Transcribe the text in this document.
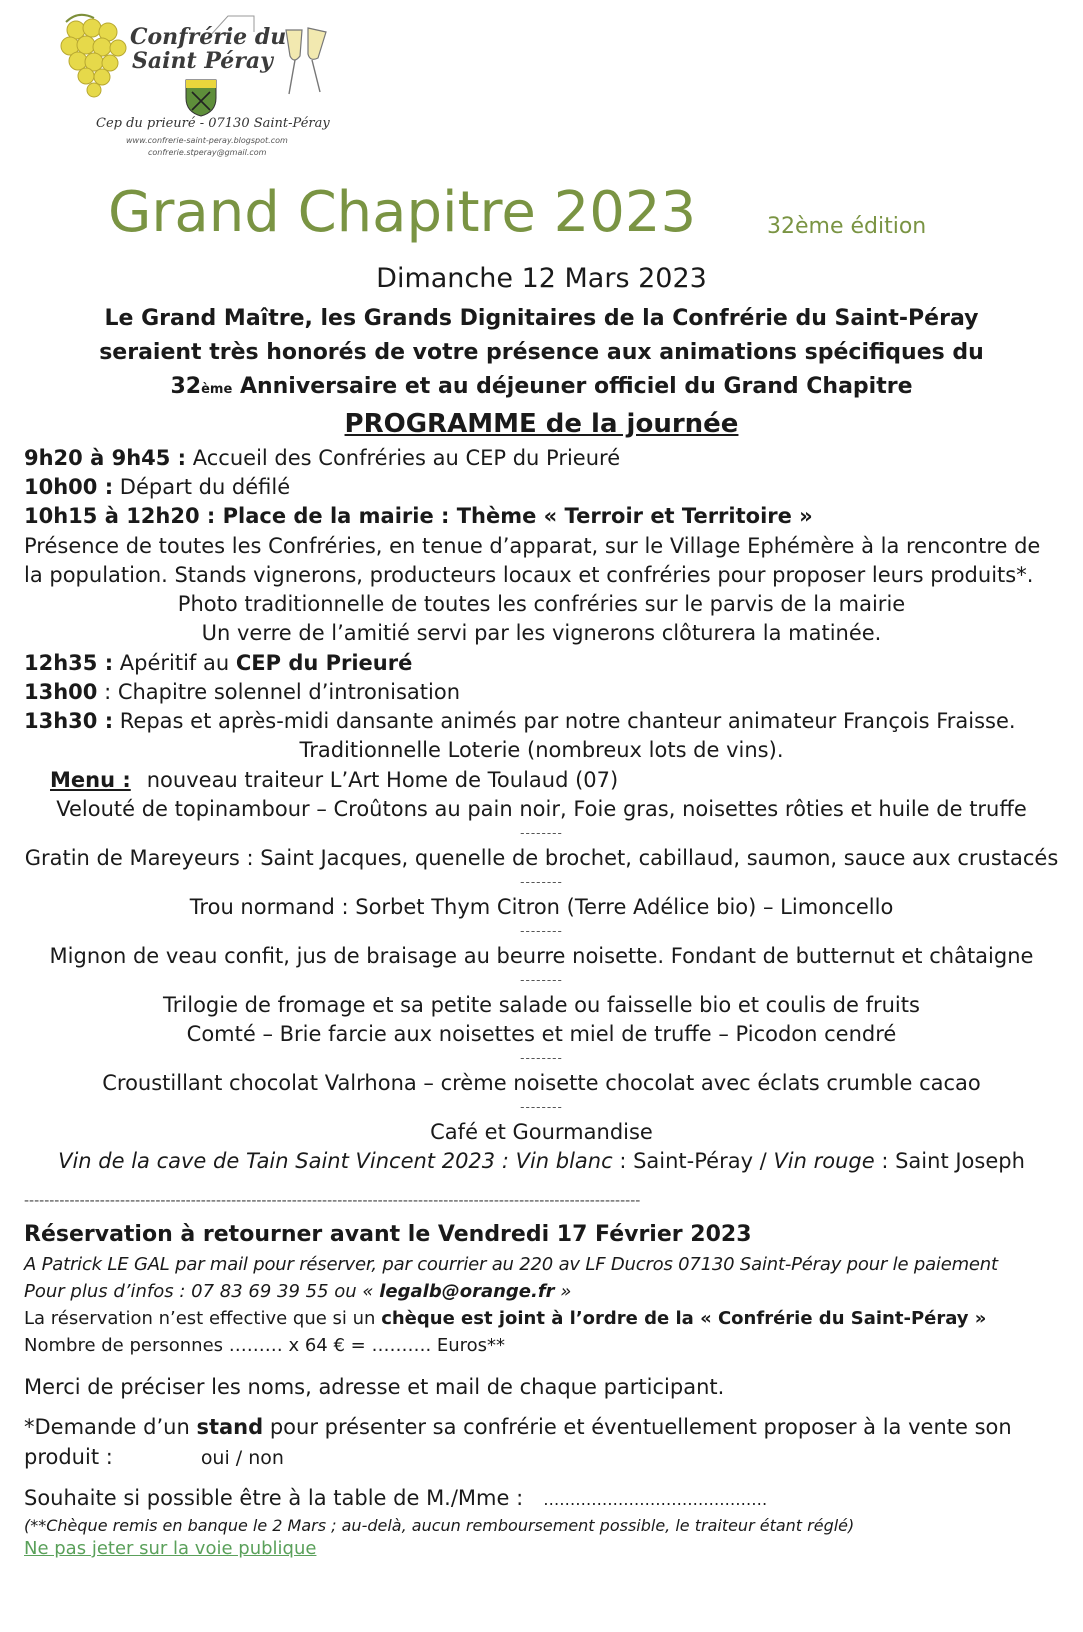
Confrérie du
Saint Péray
Cep du prieuré - 07130 Saint-Péray
www.confrerie-saint-peray.blogspot.com
confrerie.stperay@gmail.com
Grand Chapitre 2023	32ème édition
Dimanche 12 Mars 2023
Le Grand Maître, les Grands Dignitaires de la Confrérie du Saint-Péray
seraient très honorés de votre présence aux animations spécifiques du
32ème Anniversaire et au déjeuner officiel du Grand Chapitre
PROGRAMME de la journée
9h20 à 9h45 : Accueil des Confréries au CEP du Prieuré
10h00 : Départ du défilé
10h15 à 12h20 : Place de la mairie : Thème « Terroir et Territoire »
Présence de toutes les Confréries, en tenue d’apparat, sur le Village Ephémère à la rencontre de
la population. Stands vignerons, producteurs locaux et confréries pour proposer leurs produits*.
Photo traditionnelle de toutes les confréries sur le parvis de la mairie
Un verre de l’amitié servi par les vignerons clôturera la matinée.
12h35 : Apéritif au CEP du Prieuré
13h00 : Chapitre solennel d’intronisation
13h30 : Repas et après-midi dansante animés par notre chanteur animateur François Fraisse.
Traditionnelle Loterie (nombreux lots de vins).
Menu : nouveau traiteur L’Art Home de Toulaud (07)
Velouté de topinambour – Croûtons au pain noir, Foie gras, noisettes rôties et huile de truffe
--------
Gratin de Mareyeurs : Saint Jacques, quenelle de brochet, cabillaud, saumon, sauce aux crustacés
--------
Trou normand : Sorbet Thym Citron (Terre Adélice bio) – Limoncello
--------
Mignon de veau confit, jus de braisage au beurre noisette. Fondant de butternut et châtaigne
--------
Trilogie de fromage et sa petite salade ou faisselle bio et coulis de fruits
Comté – Brie farcie aux noisettes et miel de truffe – Picodon cendré
--------
Croustillant chocolat Valrhona – crème noisette chocolat avec éclats crumble cacao
--------
Café et Gourmandise
Vin de la cave de Tain Saint Vincent 2023 : Vin blanc : Saint-Péray / Vin rouge : Saint Joseph
--------------------------------------------------------------------------------------------------------------------------
Réservation à retourner avant le Vendredi 17 Février 2023
A Patrick LE GAL par mail pour réserver, par courrier au 220 av LF Ducros 07130 Saint-Péray pour le paiement
Pour plus d’infos : 07 83 69 39 55 ou « legalb@orange.fr »
La réservation n’est effective que si un chèque est joint à l’ordre de la « Confrérie du Saint-Péray »
Nombre de personnes ……… x 64 € = ………. Euros**
Merci de préciser les noms, adresse et mail de chaque participant.
*Demande d’un stand pour présenter sa confrérie et éventuellement proposer à la vente son
produit :	oui / non
Souhaite si possible être à la table de M./Mme : ……………………………………
(**Chèque remis en banque le 2 Mars ; au-delà, aucun remboursement possible, le traiteur étant réglé)
Ne pas jeter sur la voie publique
